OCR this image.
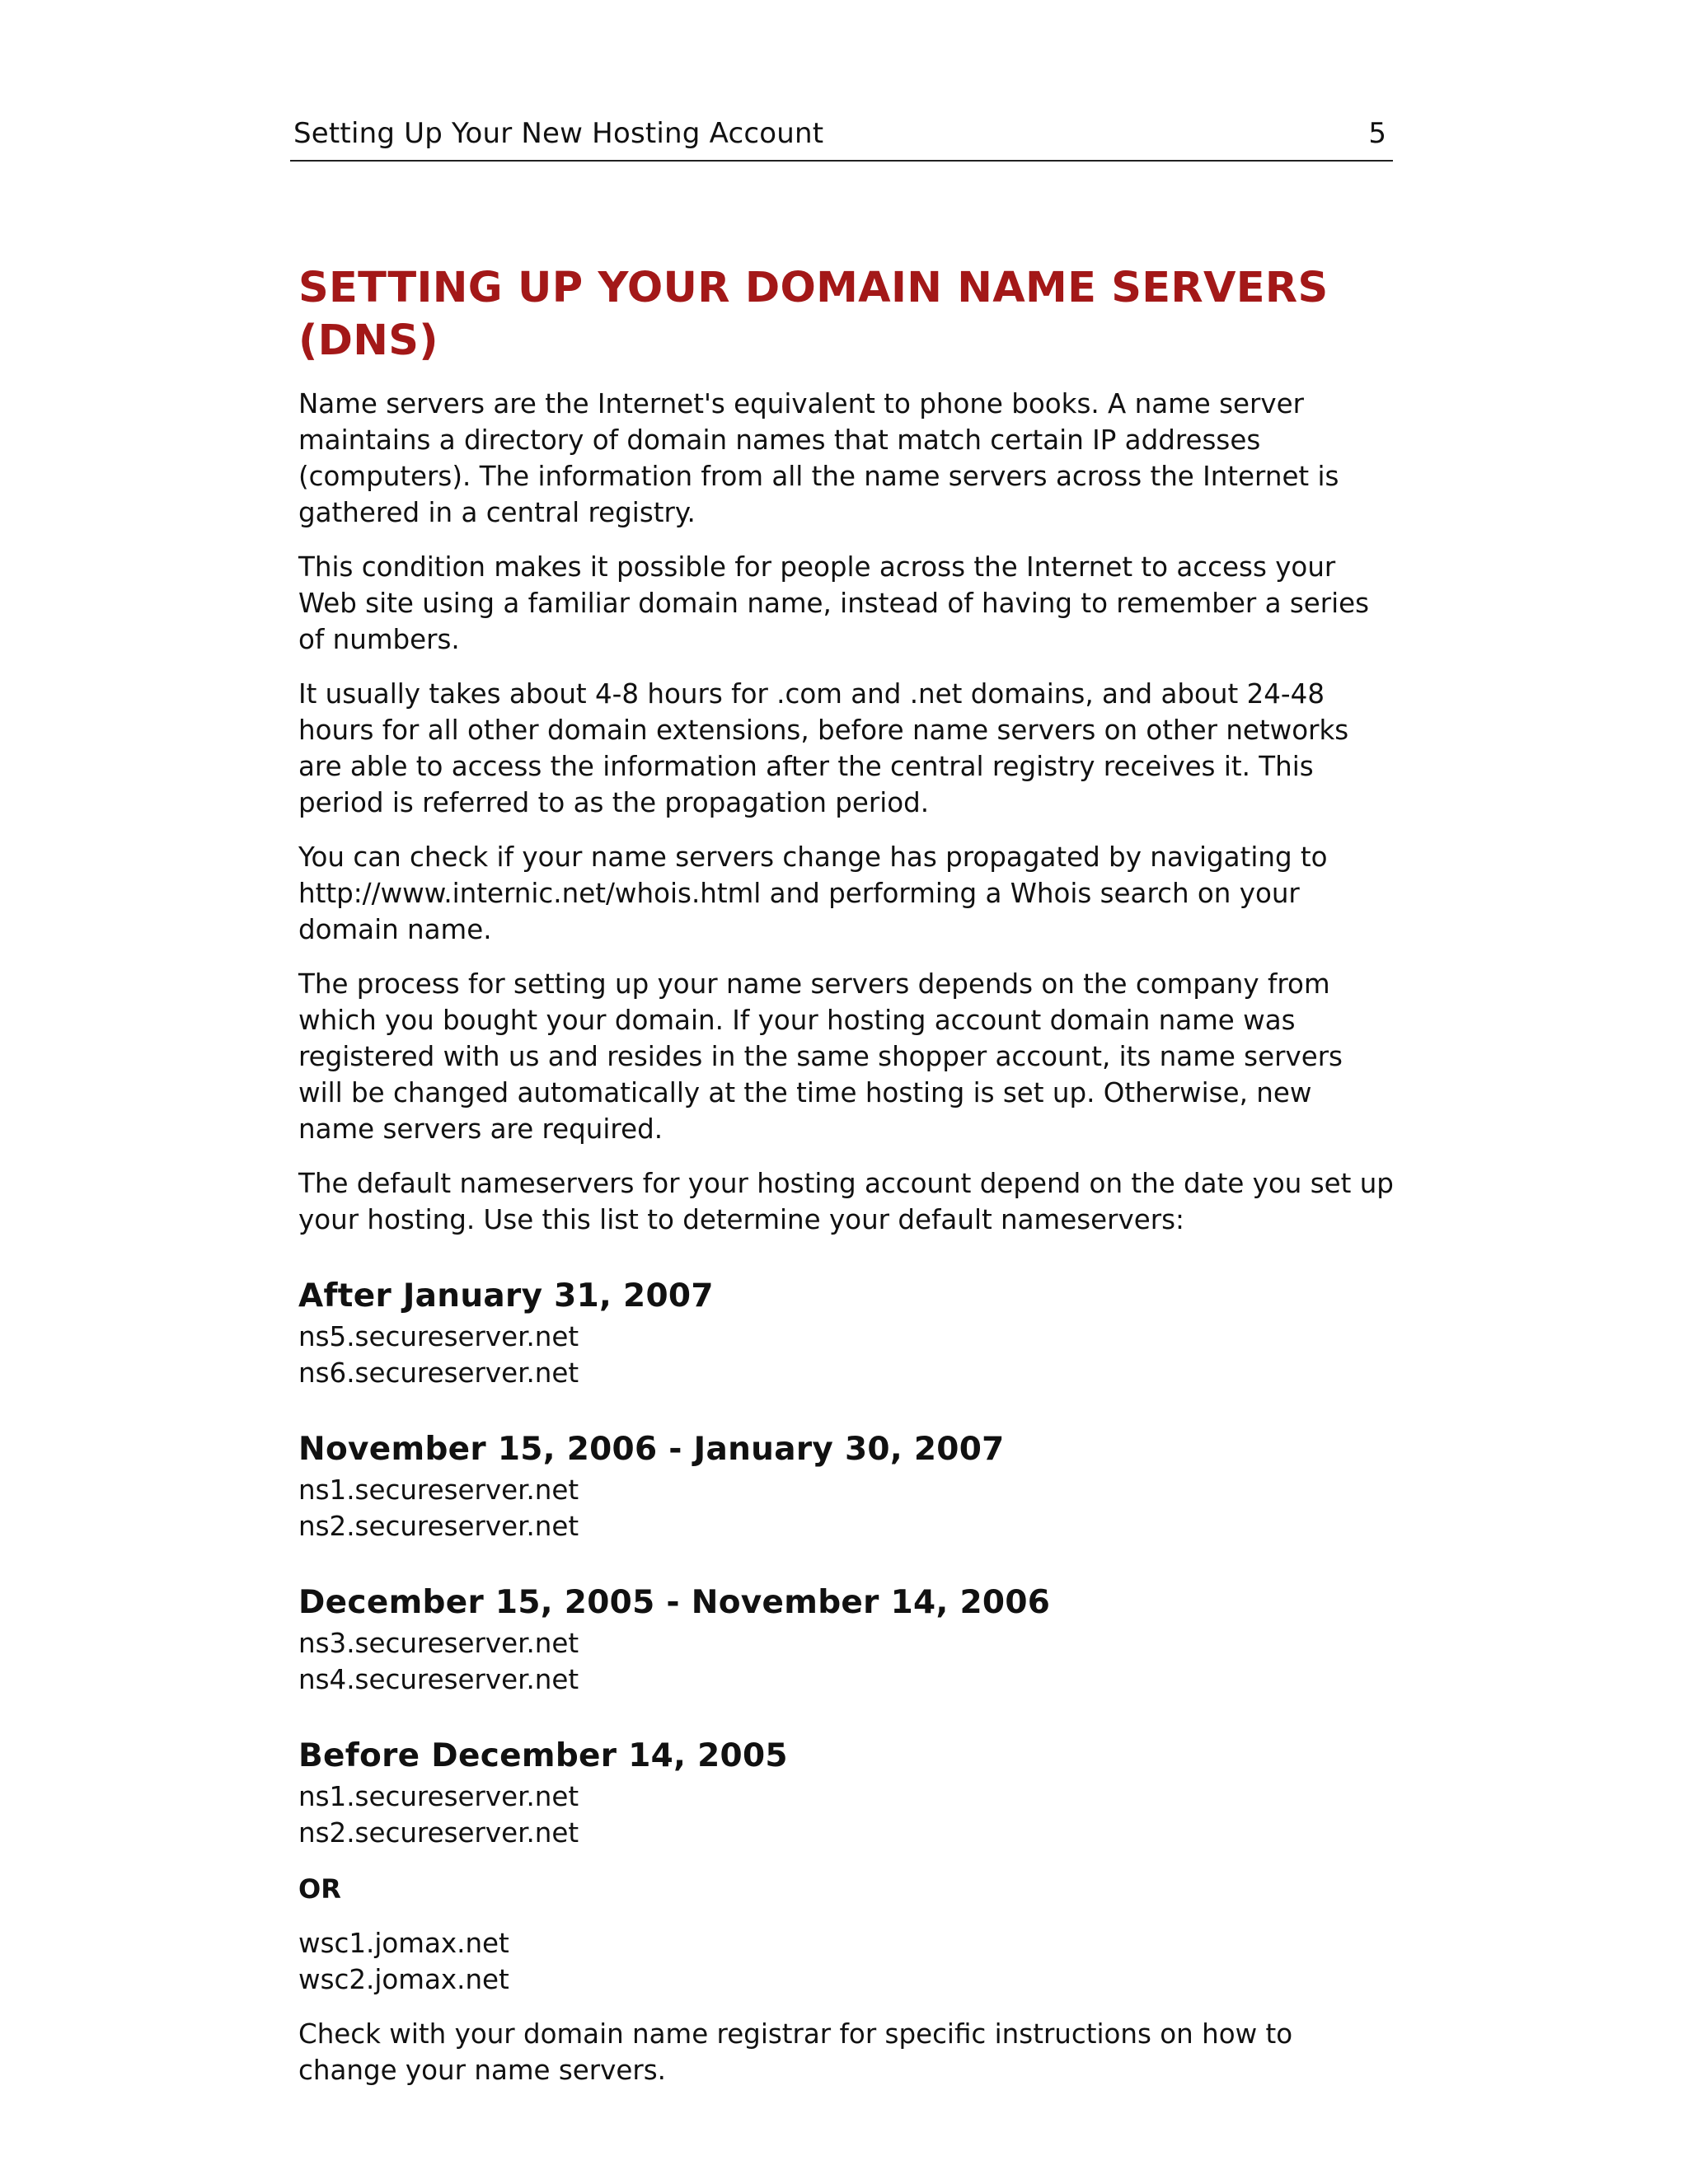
Setting Up Your New Hosting Account	5
SETTING UP YOUR DOMAIN NAME SERVERS (DNS)

Name servers are the Internet's equivalent to phone books. A name server maintains a directory of domain names that match certain IP addresses (computers). The information from all the name servers across the Internet is gathered in a central registry.

This condition makes it possible for people across the Internet to access your Web site using a familiar domain name, instead of having to remember a series of numbers.

It usually takes about 4-8 hours for .com and .net domains, and about 24-48 hours for all other domain extensions, before name servers on other networks are able to access the information after the central registry receives it. This period is referred to as the propagation period.

You can check if your name servers change has propagated by navigating to http://www.internic.net/whois.html and performing a Whois search on your domain name.

The process for setting up your name servers depends on the company from which you bought your domain. If your hosting account domain name was registered with us and resides in the same shopper account, its name servers will be changed automatically at the time hosting is set up. Otherwise, new name servers are required.

The default nameservers for your hosting account depend on the date you set up your hosting. Use this list to determine your default nameservers:

After January 31, 2007
ns5.secureserver.net
ns6.secureserver.net
November 15, 2006 - January 30, 2007
ns1.secureserver.net
ns2.secureserver.net
December 15, 2005 - November 14, 2006
ns3.secureserver.net
ns4.secureserver.net
Before December 14, 2005
ns1.secureserver.net
ns2.secureserver.net
OR
wsc1.jomax.net
wsc2.jomax.net

Check with your domain name registrar for specific instructions on how to change your name servers.
